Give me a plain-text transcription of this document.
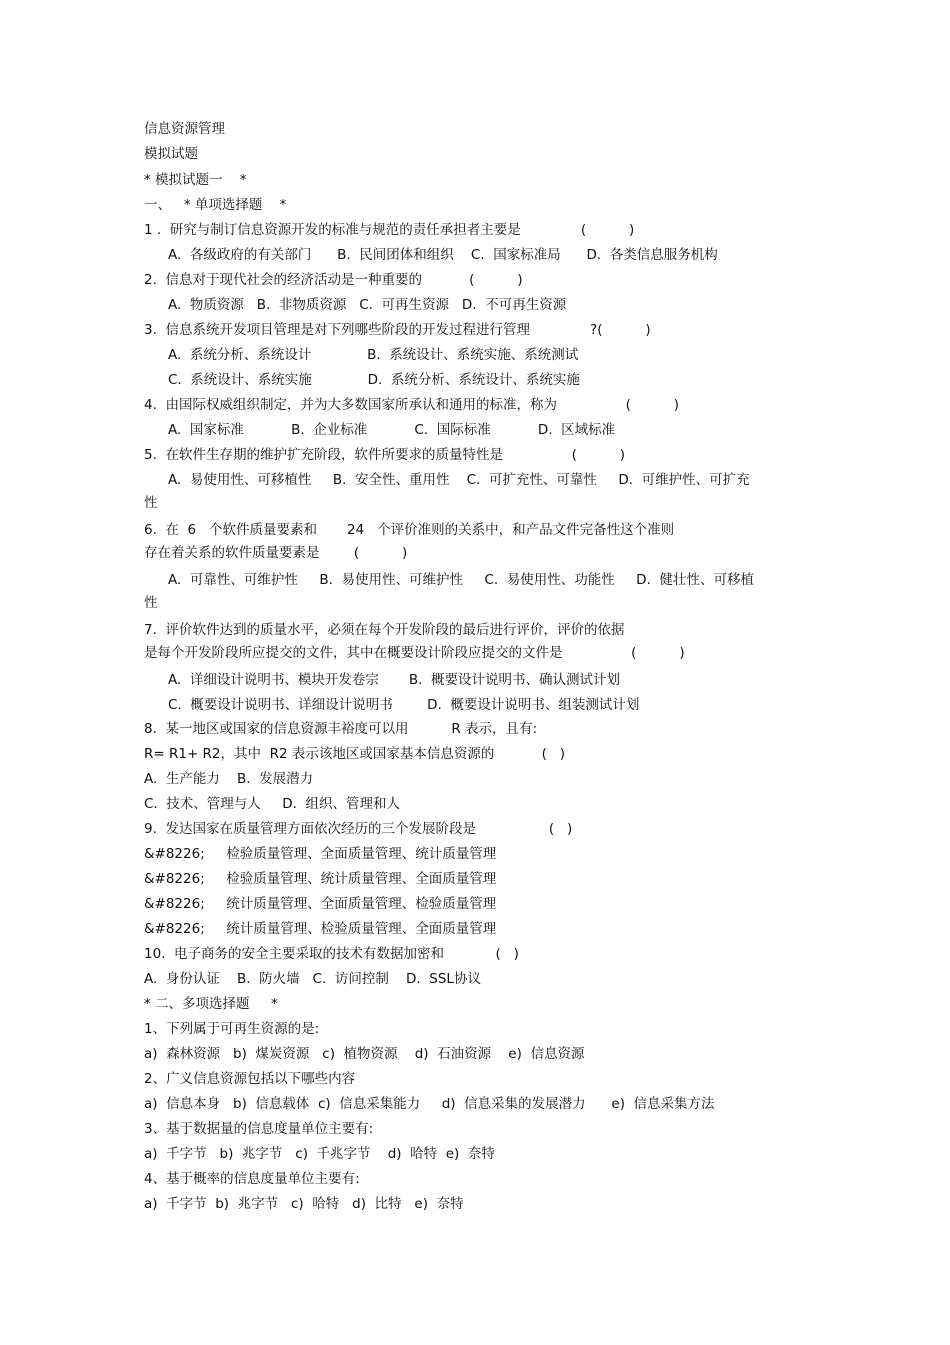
信息资源管理
模拟试题
* 模拟试题一    *
一、   * 单项选择题    *
1 .  研究与制订信息资源开发的标准与规范的责任承担者主要是              (          )
A.  各级政府的有关部门      B.  民间团体和组织    C.  国家标准局      D.  各类信息服务机构
2.  信息对于现代社会的经济活动是一种重要的           (          )
A.  物质资源   B.  非物质资源   C.  可再生资源   D.  不可再生资源
3.  信息系统开发项目管理是对下列哪些阶段的开发过程进行管理              ?(          )
A.  系统分析、系统设计             B.  系统设计、系统实施、系统测试
C.  系统设计、系统实施             D.  系统分析、系统设计、系统实施
4.  由国际权威组织制定，并为大多数国家所承认和通用的标准，称为                (          )
A.  国家标准           B.  企业标准           C.  国际标准           D.  区域标准
5.  在软件生存期的维护扩充阶段，软件所要求的质量特性是                (          )
A.  易使用性、可移植性     B.  安全性、重用性    C.  可扩充性、可靠性     D.  可维护性、可扩充
性
6.  在  6   个软件质量要素和       24   个评价准则的关系中，和产品文件完备性这个准则
存在着关系的软件质量要素是        (          )
A.  可靠性、可维护性     B.  易使用性、可维护性     C.  易使用性、功能性     D.  健壮性、可移植
性
7.  评价软件达到的质量水平，必须在每个开发阶段的最后进行评价，评价的依据
是每个开发阶段所应提交的文件，其中在概要设计阶段应提交的文件是                (          )
A.  详细设计说明书、模块开发卷宗       B.  概要设计说明书、确认测试计划
C.  概要设计说明书、详细设计说明书        D.  概要设计说明书、组装测试计划
8.  某一地区或国家的信息资源丰裕度可以用          R 表示，且有:
R= R1+ R2，其中  R2 表示该地区或国家基本信息资源的           (   )
A.  生产能力    B.  发展潜力
C.  技术、管理与人     D.  组织、管理和人
9.  发达国家在质量管理方面依次经历的三个发展阶段是                 (   )
&#8226;     检验质量管理、全面质量管理、统计质量管理
&#8226;     检验质量管理、统计质量管理、全面质量管理
&#8226;     统计质量管理、全面质量管理、检验质量管理
&#8226;     统计质量管理、检验质量管理、全面质量管理
10.  电子商务的安全主要采取的技术有数据加密和            (   )
A.  身份认证    B.  防火墙   C.  访问控制    D.  SSL协议
* 二、多项选择题     *
1、下列属于可再生资源的是:
a)  森林资源   b)  煤炭资源   c)  植物资源    d)  石油资源    e)  信息资源
2、广义信息资源包括以下哪些内容
a)  信息本身   b)  信息载体  c)  信息采集能力     d)  信息采集的发展潜力      e)  信息采集方法
3、基于数据量的信息度量单位主要有:
a)  千字节   b)  兆字节   c)  千兆字节    d)  哈特  e)  奈特
4、基于概率的信息度量单位主要有:
a)  千字节  b)  兆字节   c)  哈特   d)  比特   e)  奈特
